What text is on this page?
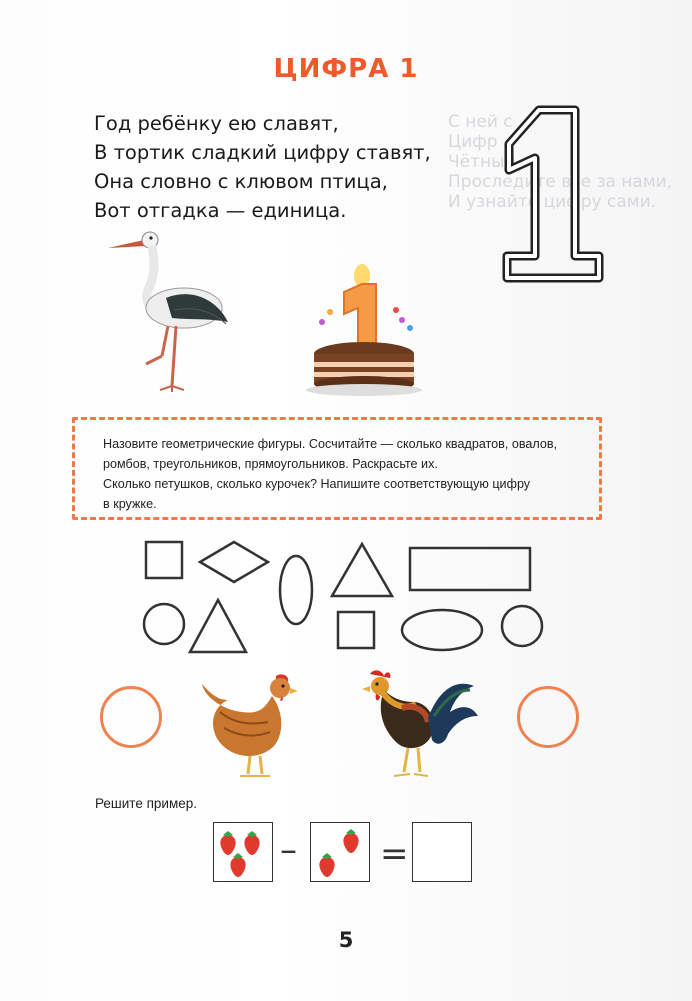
С ней с
Цифр
Чётный
Проследите все за нами,
И узнайте цифру сами.
ЦИФРА 1
Год ребёнку ею славят,
В тортик сладкий цифру ставят,
Она словно с клювом птица,
Вот отгадка — единица.
Назовите геометрические фигуры. Сосчитайте — сколько квадратов, овалов,
ромбов, треугольников, прямоугольников. Раскрасьте их.
Сколько петушков, сколько курочек? Напишите соответствующую цифру
в кружке.
Решите пример.
– =
5
